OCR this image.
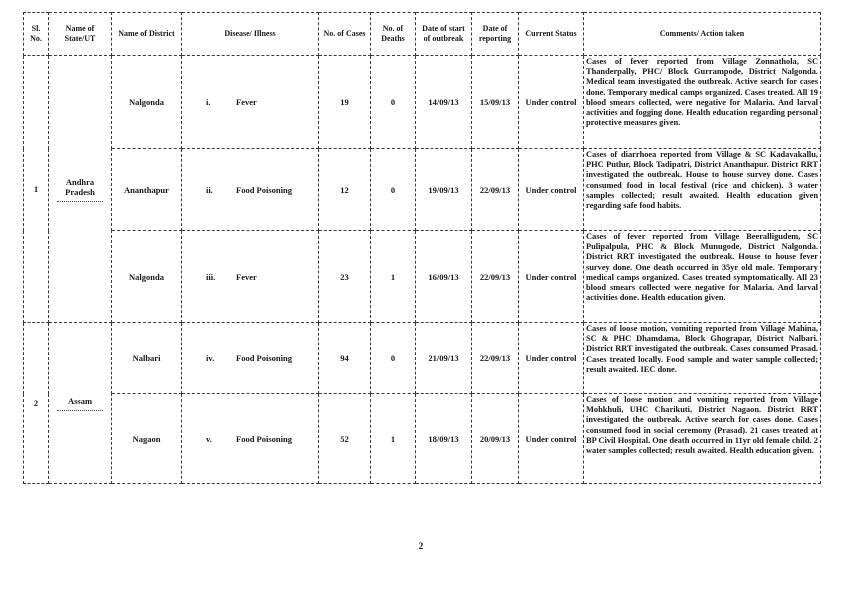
Sl. No.	Name of State/UT	Name of District	Disease/ Illness	No. of Cases	No. of Deaths	Date of start of outbreak	Date of reporting	Current Status	Comments/ Action taken
1	Andhra Pradesh	Nalgonda	i. Fever	19	0	14/09/13	15/09/13	Under control	Cases of fever reported from Village Zonnathola, SC Thanderpally, PHC/ Block Gurrampode, District Nalgonda. Medical team investigated the outbreak. Active search for cases done. Temporary medical camps organized. Cases treated. All 19 blood smears collected, were negative for Malaria. And larval activities and fogging done. Health education regarding personal protective measures given.
		Ananthapur	ii. Food Poisoning	12	0	19/09/13	22/09/13	Under control	Cases of diarrhoea reported from Village & SC Kadavakallu, PHC Putlur, Block Tadipatri, District Ananthapur. District RRT investigated the outbreak. House to house survey done. Cases consumed food in local festival (rice and chicken). 3 water samples collected; result awaited. Health education given regarding safe food habits.
		Nalgonda	iii. Fever	23	1	16/09/13	22/09/13	Under control	Cases of fever reported from Village Beeralligudem, SC Pulipalpula, PHC & Block Munugode, District Nalgonda. District RRT investigated the outbreak. House to house fever survey done. One death occurred in 35yr old male. Temporary medical camps organized. Cases treated symptomatically. All 23 blood smears collected were negative for Malaria. And larval activities done. Health education given.
2	Assam	Nalbari	iv. Food Poisoning	94	0	21/09/13	22/09/13	Under control	Cases of loose motion, vomiting reported from Village Mahina, SC & PHC Dhamdama, Block Ghograpar, District Nalbari. District RRT investigated the outbreak. Cases consumed Prasad. Cases treated locally. Food sample and water sample collected; result awaited. IEC done.
		Nagaon	v. Food Poisoning	52	1	18/09/13	20/09/13	Under control	Cases of loose motion and vomiting reported from Village Mohkhuli, UHC Charikuti, District Nagaon. District RRT investigated the outbreak. Active search for cases done. Cases consumed food in social ceremony (Prasad). 21 cases treated at BP Civil Hospital. One death occurred in 11yr old female child. 2 water samples collected; result awaited. Health education given.
2
